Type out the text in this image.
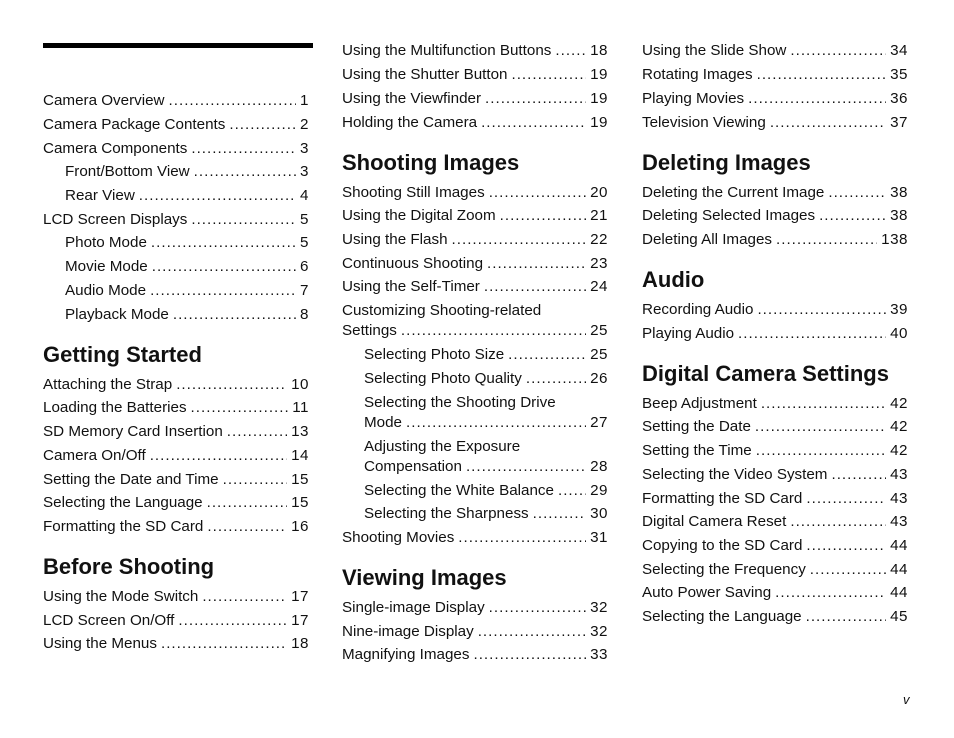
Camera Overview .....	1
Camera Package Contents .....	2
Camera Components .....	3
Front/Bottom View .....	3
Rear View .....	4
LCD Screen Displays .....	5
Photo Mode .....	5
Movie Mode .....	6
Audio Mode .....	7
Playback Mode .....	8
Getting Started
Attaching the Strap .....	10
Loading the Batteries .....	11
SD Memory Card Insertion .....	13
Camera On/Off .....	14
Setting the Date and Time .....	15
Selecting the Language .....	15
Formatting the SD Card .....	16
Before Shooting
Using the Mode Switch .....	17
LCD Screen On/Off .....	17
Using the Menus .....	18
Using the Multifunction Buttons .....	18
Using the Shutter Button .....	19
Using the Viewfinder .....	19
Holding the Camera .....	19
Shooting Images
Shooting Still Images .....	20
Using the Digital Zoom .....	21
Using the Flash .....	22
Continuous Shooting .....	23
Using the Self-Timer .....	24
Customizing Shooting-related
Settings .....	25
Selecting Photo Size .....	25
Selecting Photo Quality .....	26
Selecting the Shooting Drive
Mode .....	27
Adjusting the Exposure
Compensation .....	28
Selecting the White Balance ..... 29
Selecting the Sharpness .....	30
Shooting Movies .....	31
Viewing Images
Single-image Display .....	32
Nine-image Display .....	32
Magnifying Images .....	33
Using the Slide Show .....	34
Rotating Images .....	35
Playing Movies .....	36
Television Viewing .....	37
Deleting Images
Deleting the Current Image .....	38
Deleting Selected Images .....	38
Deleting All Images .....	138
Audio
Recording Audio .....	39
Playing Audio .....	40
Digital Camera Settings
Beep Adjustment .....	42
Setting the Date .....	42
Setting the Time .....	42
Selecting the Video System .....	43
Formatting the SD Card .....	43
Digital Camera Reset .....	43
Copying to the SD Card .....	44
Selecting the Frequency .....	44
Auto Power Saving .....	44
Selecting the Language .....	45
v
